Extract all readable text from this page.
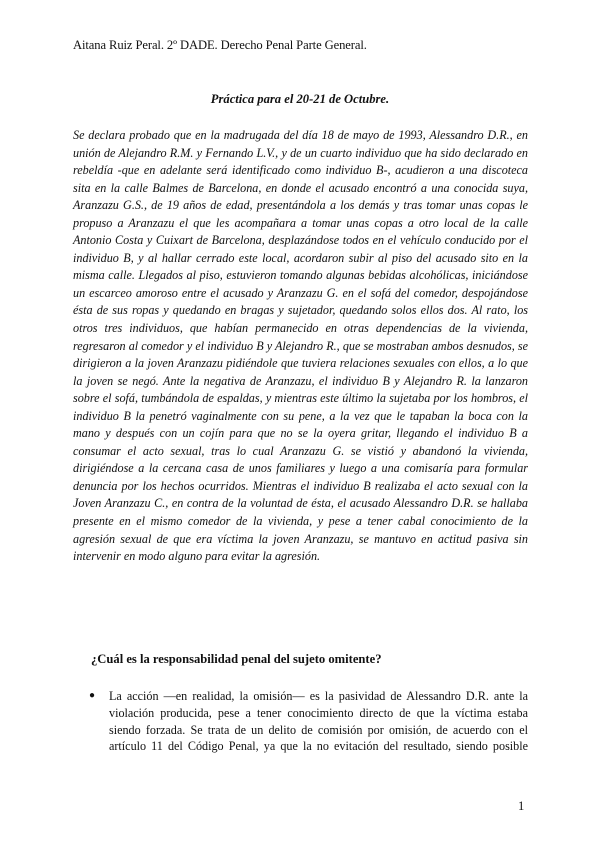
Aitana Ruiz Peral. 2º DADE. Derecho Penal Parte General.
Práctica para el 20-21 de Octubre.
Se declara probado que en la madrugada del día 18 de mayo de 1993, Alessandro D.R., en unión de Alejandro R.M. y Fernando L.V., y de un cuarto individuo que ha sido declarado en rebeldía -que en adelante será identificado como individuo B-, acudieron a una discoteca sita en la calle Balmes de Barcelona, en donde el acusado encontró a una conocida suya, Aranzazu G.S., de 19 años de edad, presentándola a los demás y tras tomar unas copas le propuso a Aranzazu el que les acompañara a tomar unas copas a otro local de la calle Antonio Costa y Cuixart de Barcelona, desplazándose todos en el vehículo conducido por el individuo B, y al hallar cerrado este local, acordaron subir al piso del acusado sito en la misma calle. Llegados al piso, estuvieron tomando algunas bebidas alcohólicas, iniciándose un escarceo amoroso entre el acusado y Aranzazu G. en el sofá del comedor, despojándose ésta de sus ropas y quedando en bragas y sujetador, quedando solos ellos dos. Al rato, los otros tres individuos, que habían permanecido en otras dependencias de la vivienda, regresaron al comedor y el individuo B y Alejandro R., que se mostraban ambos desnudos, se dirigieron a la joven Aranzazu pidiéndole que tuviera relaciones sexuales con ellos, a lo que la joven se negó. Ante la negativa de Aranzazu, el individuo B y Alejandro R. la lanzaron sobre el sofá, tumbándola de espaldas, y mientras este último la sujetaba por los hombros, el individuo B la penetró vaginalmente con su pene, a la vez que le tapaban la boca con la mano y después con un cojín para que no se la oyera gritar, llegando el individuo B a consumar el acto sexual, tras lo cual Aranzazu G. se vistió y abandonó la vivienda, dirigiéndose a la cercana casa de unos familiares y luego a una comisaría para formular denuncia por los hechos ocurridos. Mientras el individuo B realizaba el acto sexual con la Joven Aranzazu C., en contra de la voluntad de ésta, el acusado Alessandro D.R. se hallaba presente en el mismo comedor de la vivienda, y pese a tener cabal conocimiento de la agresión sexual de que era víctima la joven Aranzazu, se mantuvo en actitud pasiva sin intervenir en modo alguno para evitar la agresión.
¿Cuál es la responsabilidad penal del sujeto omitente?
● La acción —en realidad, la omisión— es la pasividad de Alessandro D.R. ante la violación producida, pese a tener conocimiento directo de que la víctima estaba siendo forzada. Se trata de un delito de comisión por omisión, de acuerdo con el artículo 11 del Código Penal, ya que la no evitación del resultado, siendo posible
1
